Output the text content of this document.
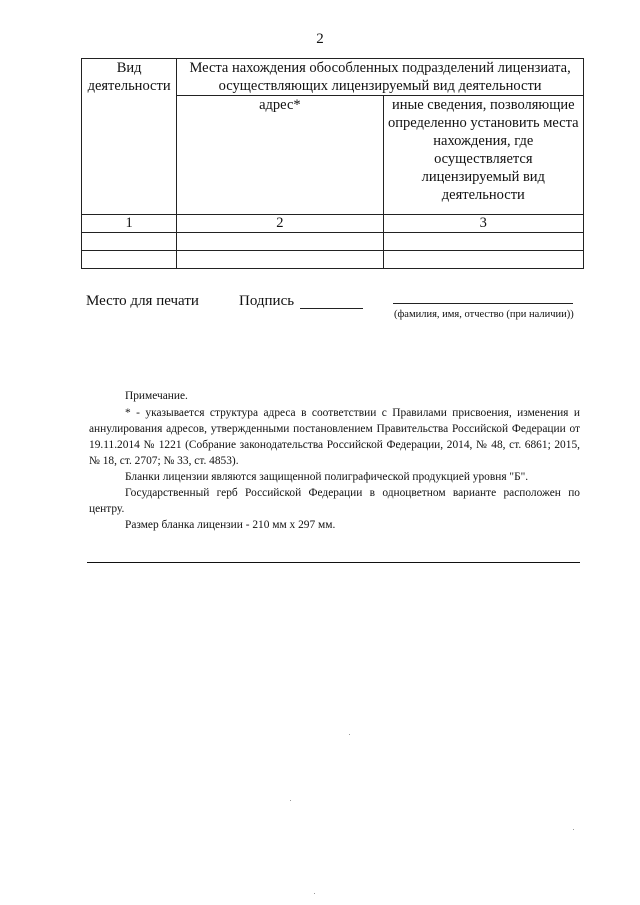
2
Вид деятельности	Места нахождения обособленных подразделений лицензиата, осуществляющих лицензируемый вид деятельности	
	адрес*	иные сведения, позволяющие определенно установить места нахождения, где осуществляется лицензируемый вид деятельности
1	2	3

Место для печати	Подпись
(фамилия, имя, отчество (при наличии))

Примечание.

* - указывается структура адреса в соответствии с Правилами присвоения, изменения и аннулирования адресов, утвержденными постановлением Правительства Российской Федерации от 19.11.2014 № 1221 (Собрание законодательства Российской Федерации, 2014, № 48, ст. 6861; 2015, № 18, ст. 2707; № 33, ст. 4853).

Бланки лицензии являются защищенной полиграфической продукцией уровня "Б".

Государственный герб Российской Федерации в одноцветном варианте расположен по центру.

Размер бланка лицензии - 210 мм x 297 мм.
